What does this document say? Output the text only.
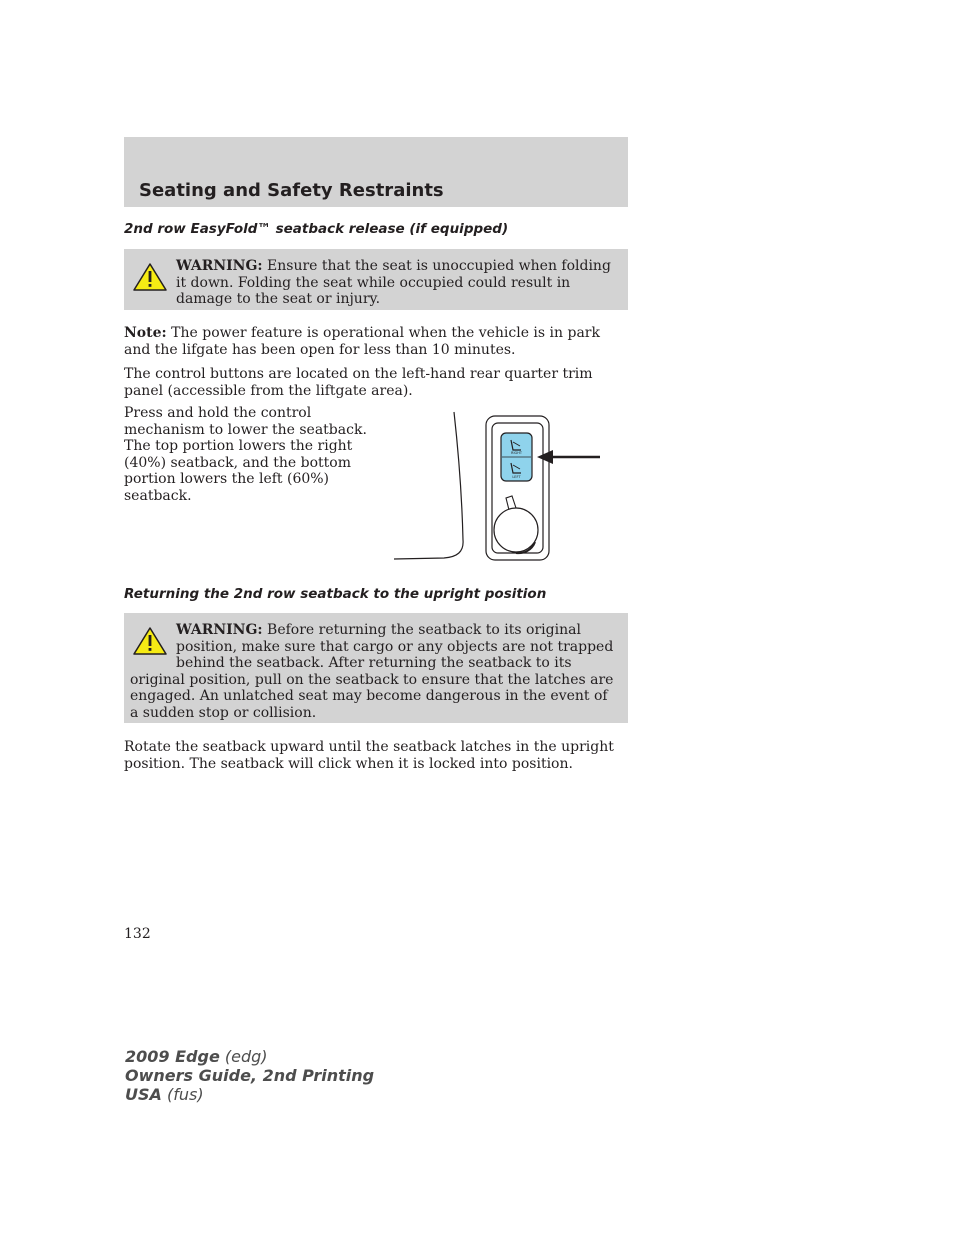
Seating and Safety Restraints
2nd row EasyFold™ seatback release (if equipped)

WARNING: Ensure that the seat is unoccupied when folding it down. Folding the seat while occupied could result in damage to the seat or injury.

Note: The power feature is operational when the vehicle is in park and the lifgate has been open for less than 10 minutes.

The control buttons are located on the left-hand rear quarter trim panel (accessible from the liftgate area).

Press and hold the control mechanism to lower the seatback. The top portion lowers the right (40%) seatback, and the bottom portion lowers the left (60%) seatback.

RIGHT
LEFT
Returning the 2nd row seatback to the upright position

WARNING: Before returning the seatback to its original position, make sure that cargo or any objects are not trapped behind the seatback. After returning the seatback to its original position, pull on the seatback to ensure that the latches are engaged. An unlatched seat may become dangerous in the event of a sudden stop or collision.

Rotate the seatback upward until the seatback latches in the upright position. The seatback will click when it is locked into position.

132

2009 Edge (edg)
Owners Guide, 2nd Printing
USA (fus)
